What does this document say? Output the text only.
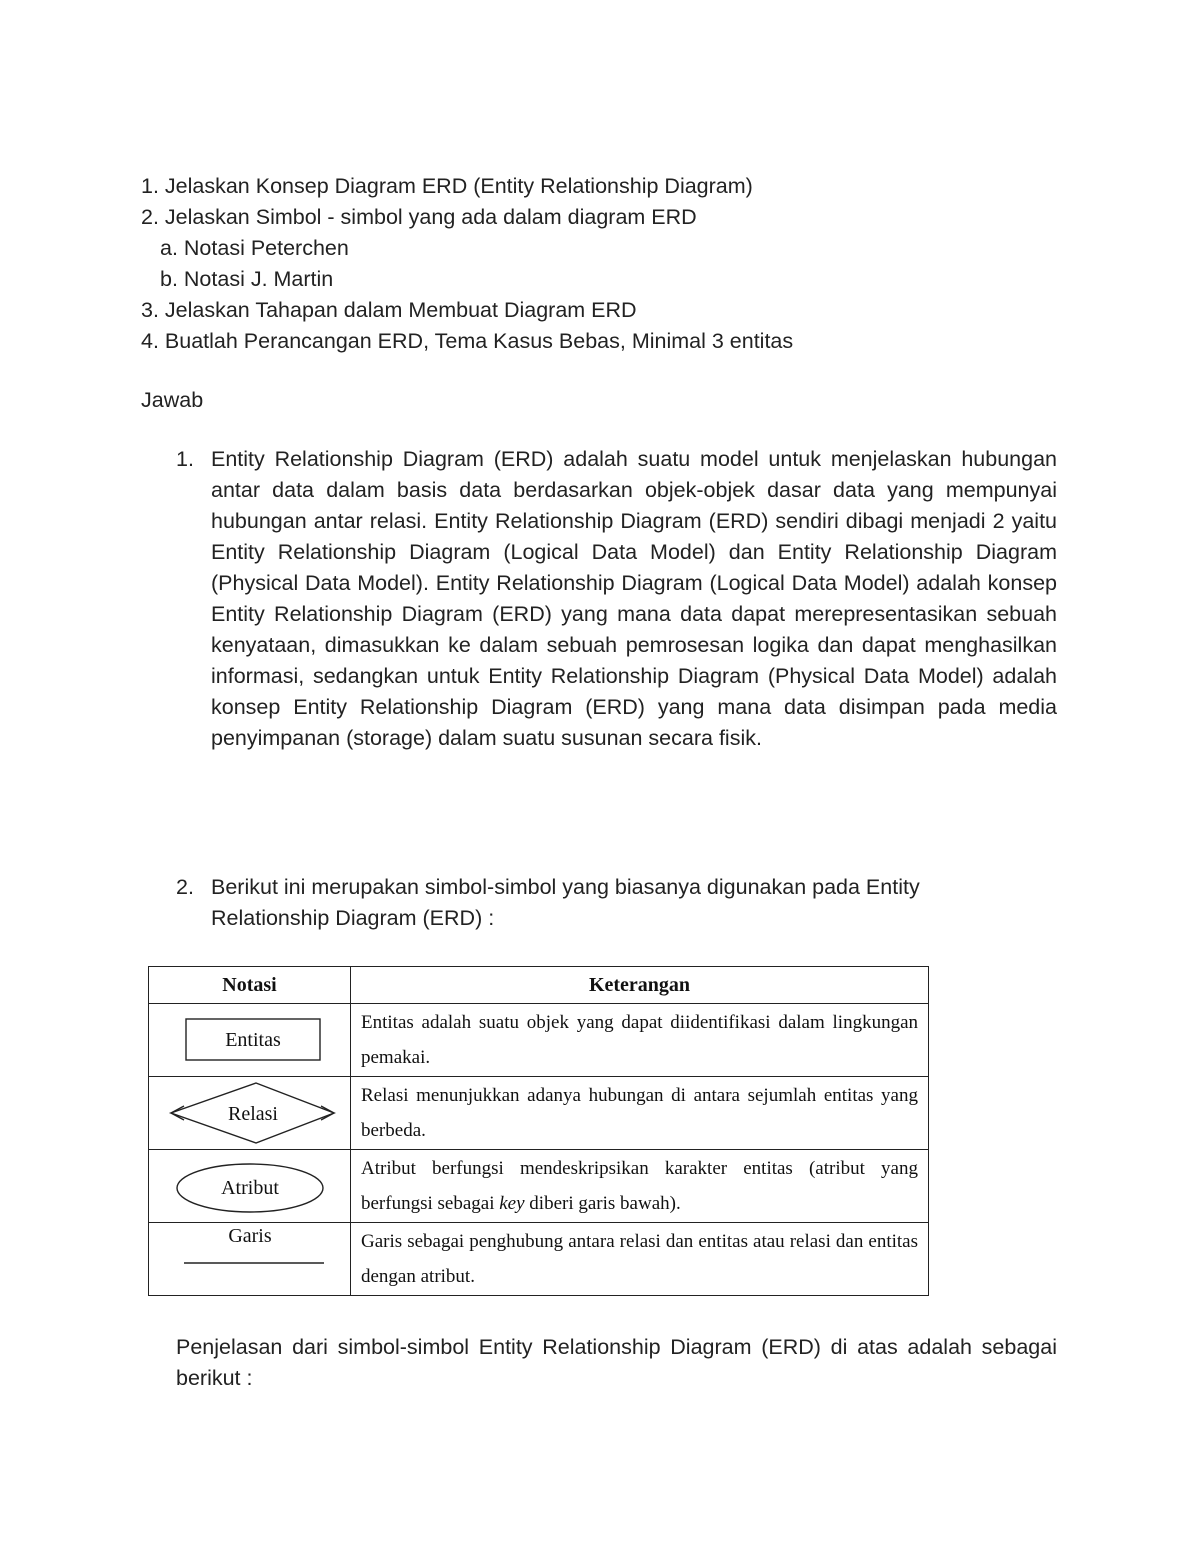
1. Jelaskan Konsep Diagram ERD (Entity Relationship Diagram)
2. Jelaskan Simbol - simbol yang ada dalam diagram ERD
a. Notasi Peterchen
b. Notasi J. Martin
3. Jelaskan Tahapan dalam Membuat Diagram ERD
4. Buatlah Perancangan ERD, Tema Kasus Bebas, Minimal 3 entitas
Jawab
1. Entity Relationship Diagram (ERD) adalah suatu model untuk menjelaskan hubungan antar data dalam basis data berdasarkan objek-objek dasar data yang mempunyai hubungan antar relasi. Entity Relationship Diagram (ERD) sendiri dibagi menjadi 2 yaitu Entity Relationship Diagram (Logical Data Model) dan Entity Relationship Diagram (Physical Data Model). Entity Relationship Diagram (Logical Data Model) adalah konsep Entity Relationship Diagram (ERD) yang mana data dapat merepresentasikan sebuah kenyataan, dimasukkan ke dalam sebuah pemrosesan logika dan dapat menghasilkan informasi, sedangkan untuk Entity Relationship Diagram (Physical Data Model) adalah konsep Entity Relationship Diagram (ERD) yang mana data disimpan pada media penyimpanan (storage) dalam suatu susunan secara fisik.
2. Berikut ini merupakan simbol-simbol yang biasanya digunakan pada Entity Relationship Diagram (ERD) :
Notasi	Keterangan

Entitas	Entitas adalah suatu objek yang dapat diidentifikasi dalam lingkungan pemakai.

Relasi	Relasi menunjukkan adanya hubungan di antara sejumlah entitas yang berbeda.

Atribut	Atribut berfungsi mendeskripsikan karakter entitas (atribut yang berfungsi sebagai key diberi garis bawah).

Garis	Garis sebagai penghubung antara relasi dan entitas atau relasi dan entitas dengan atribut.
Penjelasan dari simbol-simbol Entity Relationship Diagram (ERD) di atas adalah sebagai berikut :
